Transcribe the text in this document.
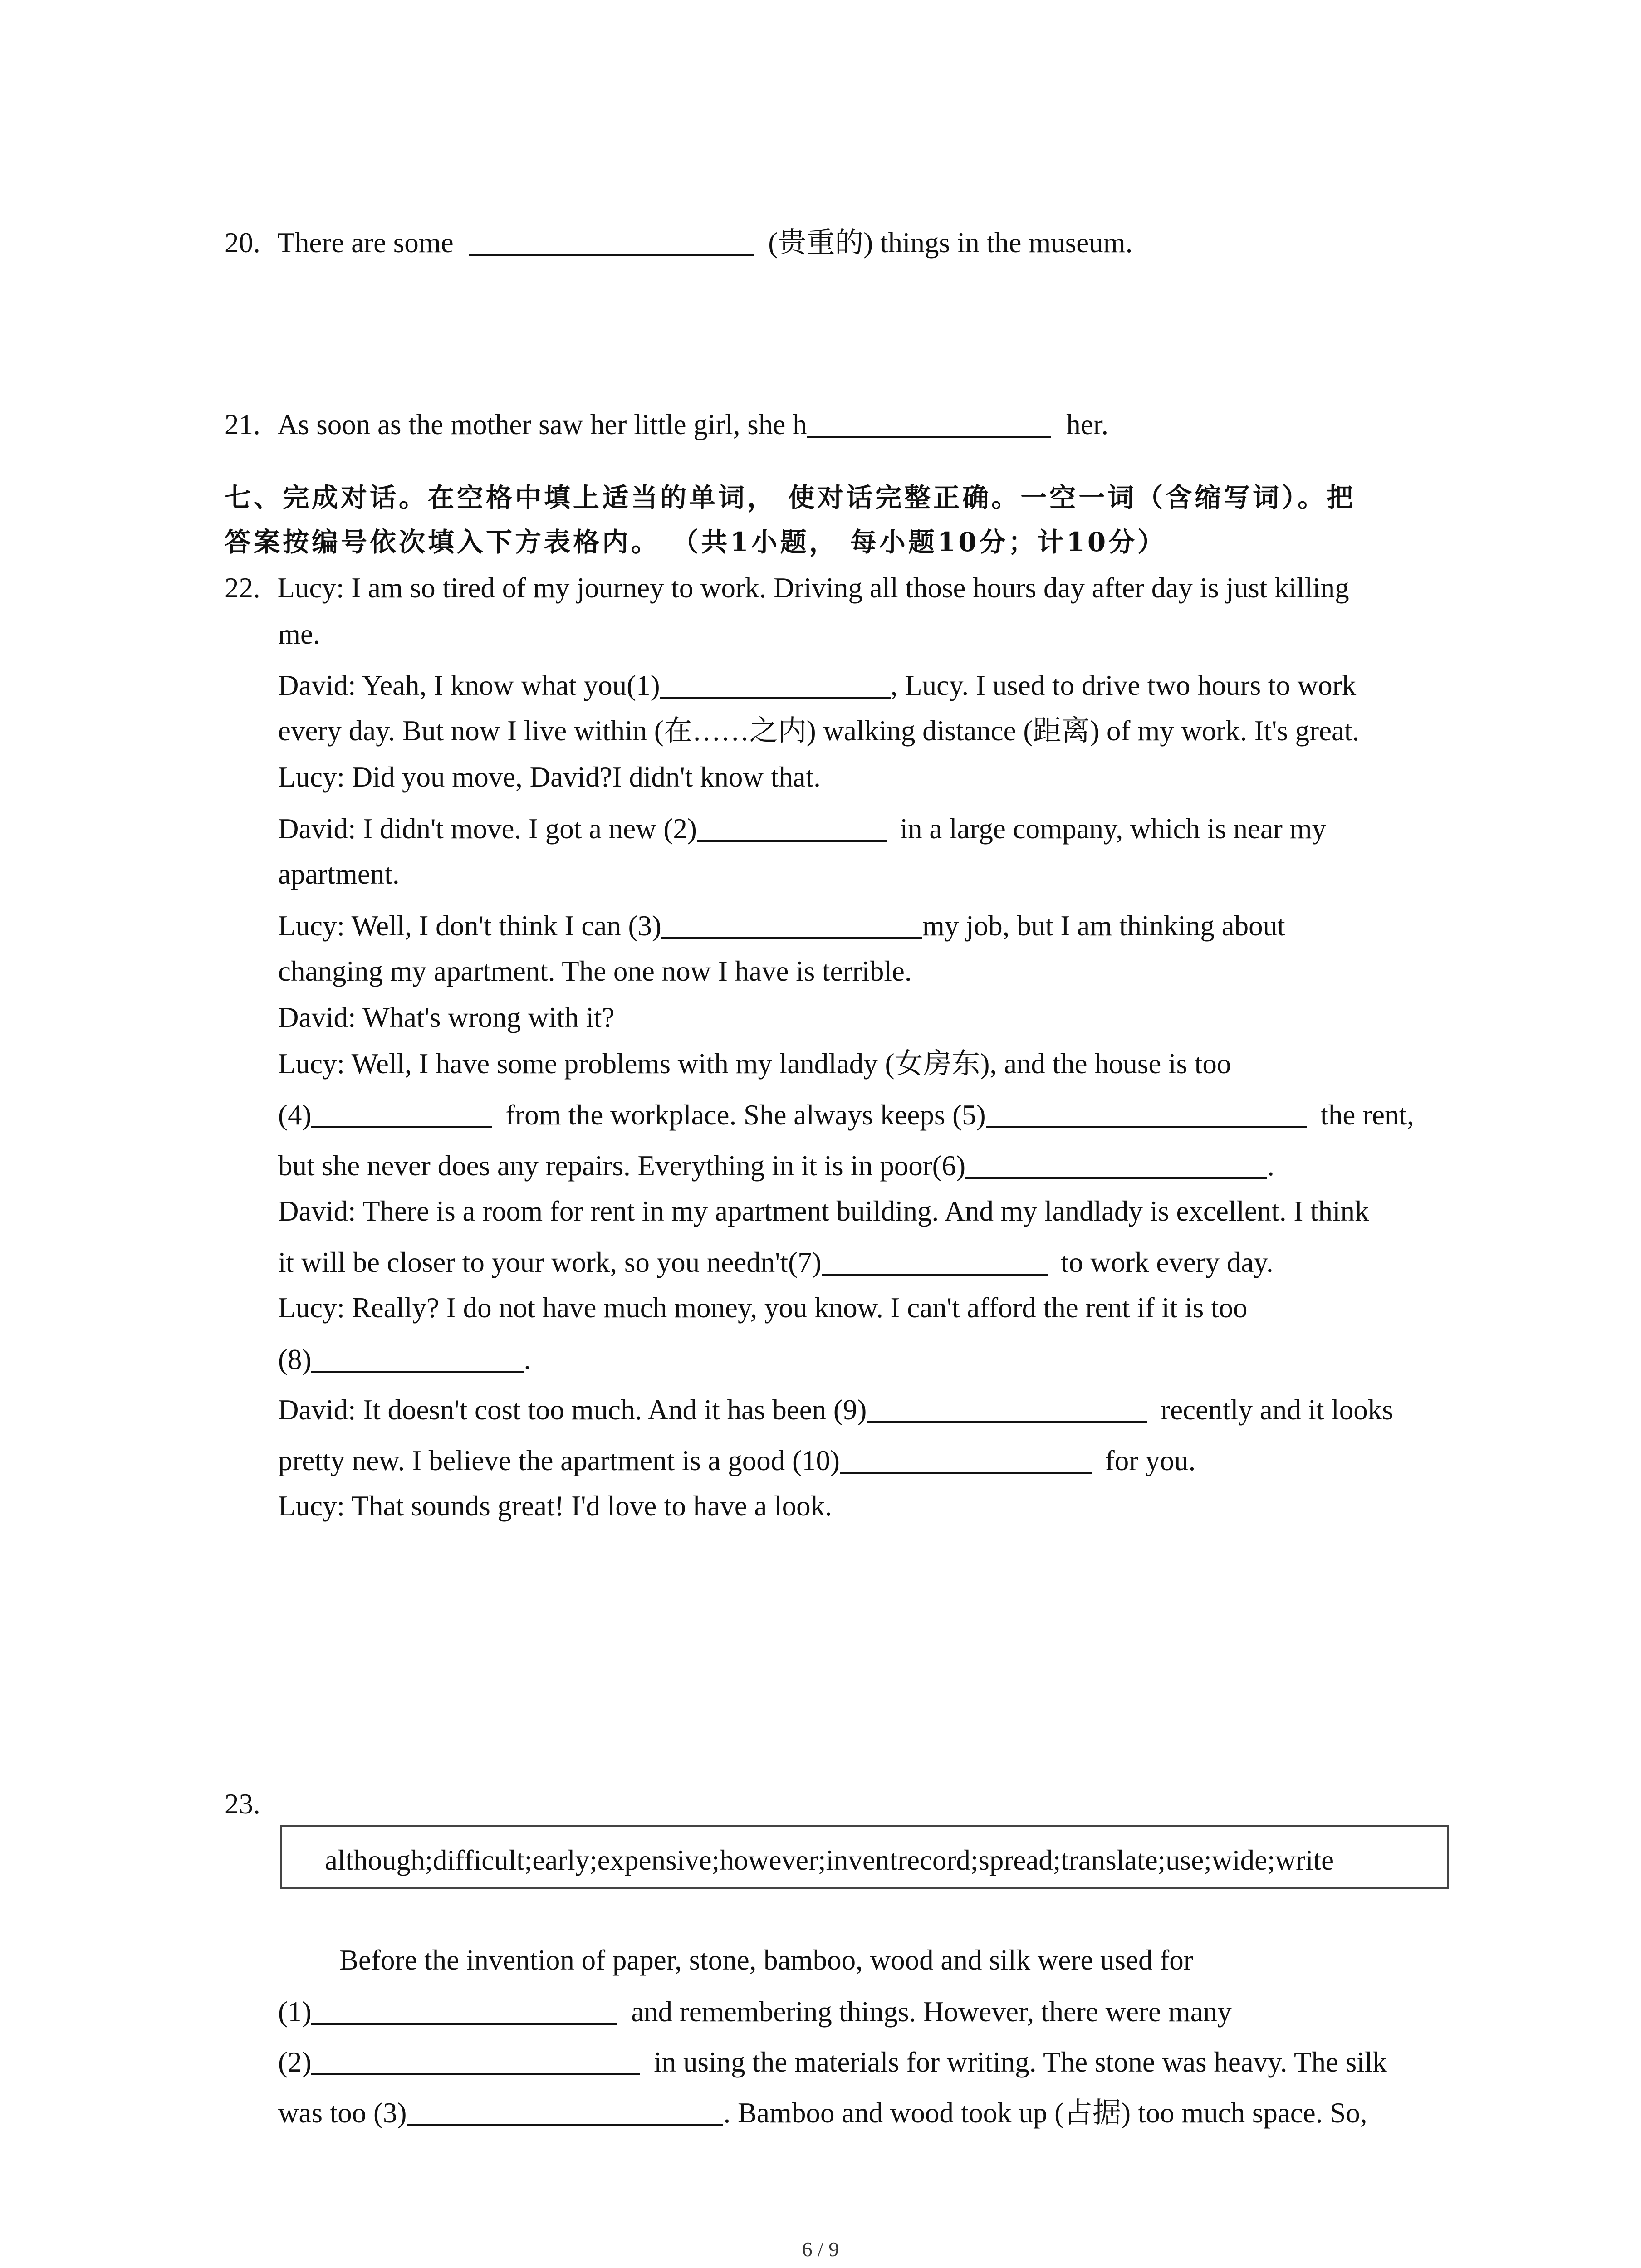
20. There are some	(贵重的) things in the museum.
21. As soon as the mother saw her little girl, she h	her.
七、完成对话。在空格中填上适当的单词， 使对话完整正确。一空一词（含缩写词）。把
答案按编号依次填入下方表格内。 （共1小题， 每小题10分；计10分）
22. Lucy: I am so tired of my journey to work. Driving all those hours day after day is just killing
me.
David: Yeah, I know what you(1)	, Lucy. I used to drive two hours to work
every day. But now I live within (在……之内) walking distance (距离) of my work. It's great.
Lucy: Did you move, David?I didn't know that.
David: I didn't move. I got a new (2)	in a large company, which is near my
apartment.
Lucy: Well, I don't think I can (3)	my job, but I am thinking about
changing my apartment. The one now I have is terrible.
David: What's wrong with it?
Lucy: Well, I have some problems with my landlady (女房东), and the house is too
(4)	from the workplace. She always keeps (5)	the rent,
but she never does any repairs. Everything in it is in poor(6)	.
David: There is a room for rent in my apartment building. And my landlady is excellent. I think
it will be closer to your work, so you needn't(7)	to work every day.
Lucy: Really? I do not have much money, you know. I can't afford the rent if it is too
(8)	.
David: It doesn't cost too much. And it has been (9)	recently and it looks
pretty new. I believe the apartment is a good (10)	for you.
Lucy: That sounds great! I'd love to have a look.
23.
although;difficult;early;expensive;however;inventrecord;spread;translate;use;wide;write
Before the invention of paper, stone, bamboo, wood and silk were used for
(1)	and remembering things. However, there were many
(2)	in using the materials for writing. The stone was heavy. The silk
was too (3)	. Bamboo and wood took up (占据) too much space. So,
6 / 9
